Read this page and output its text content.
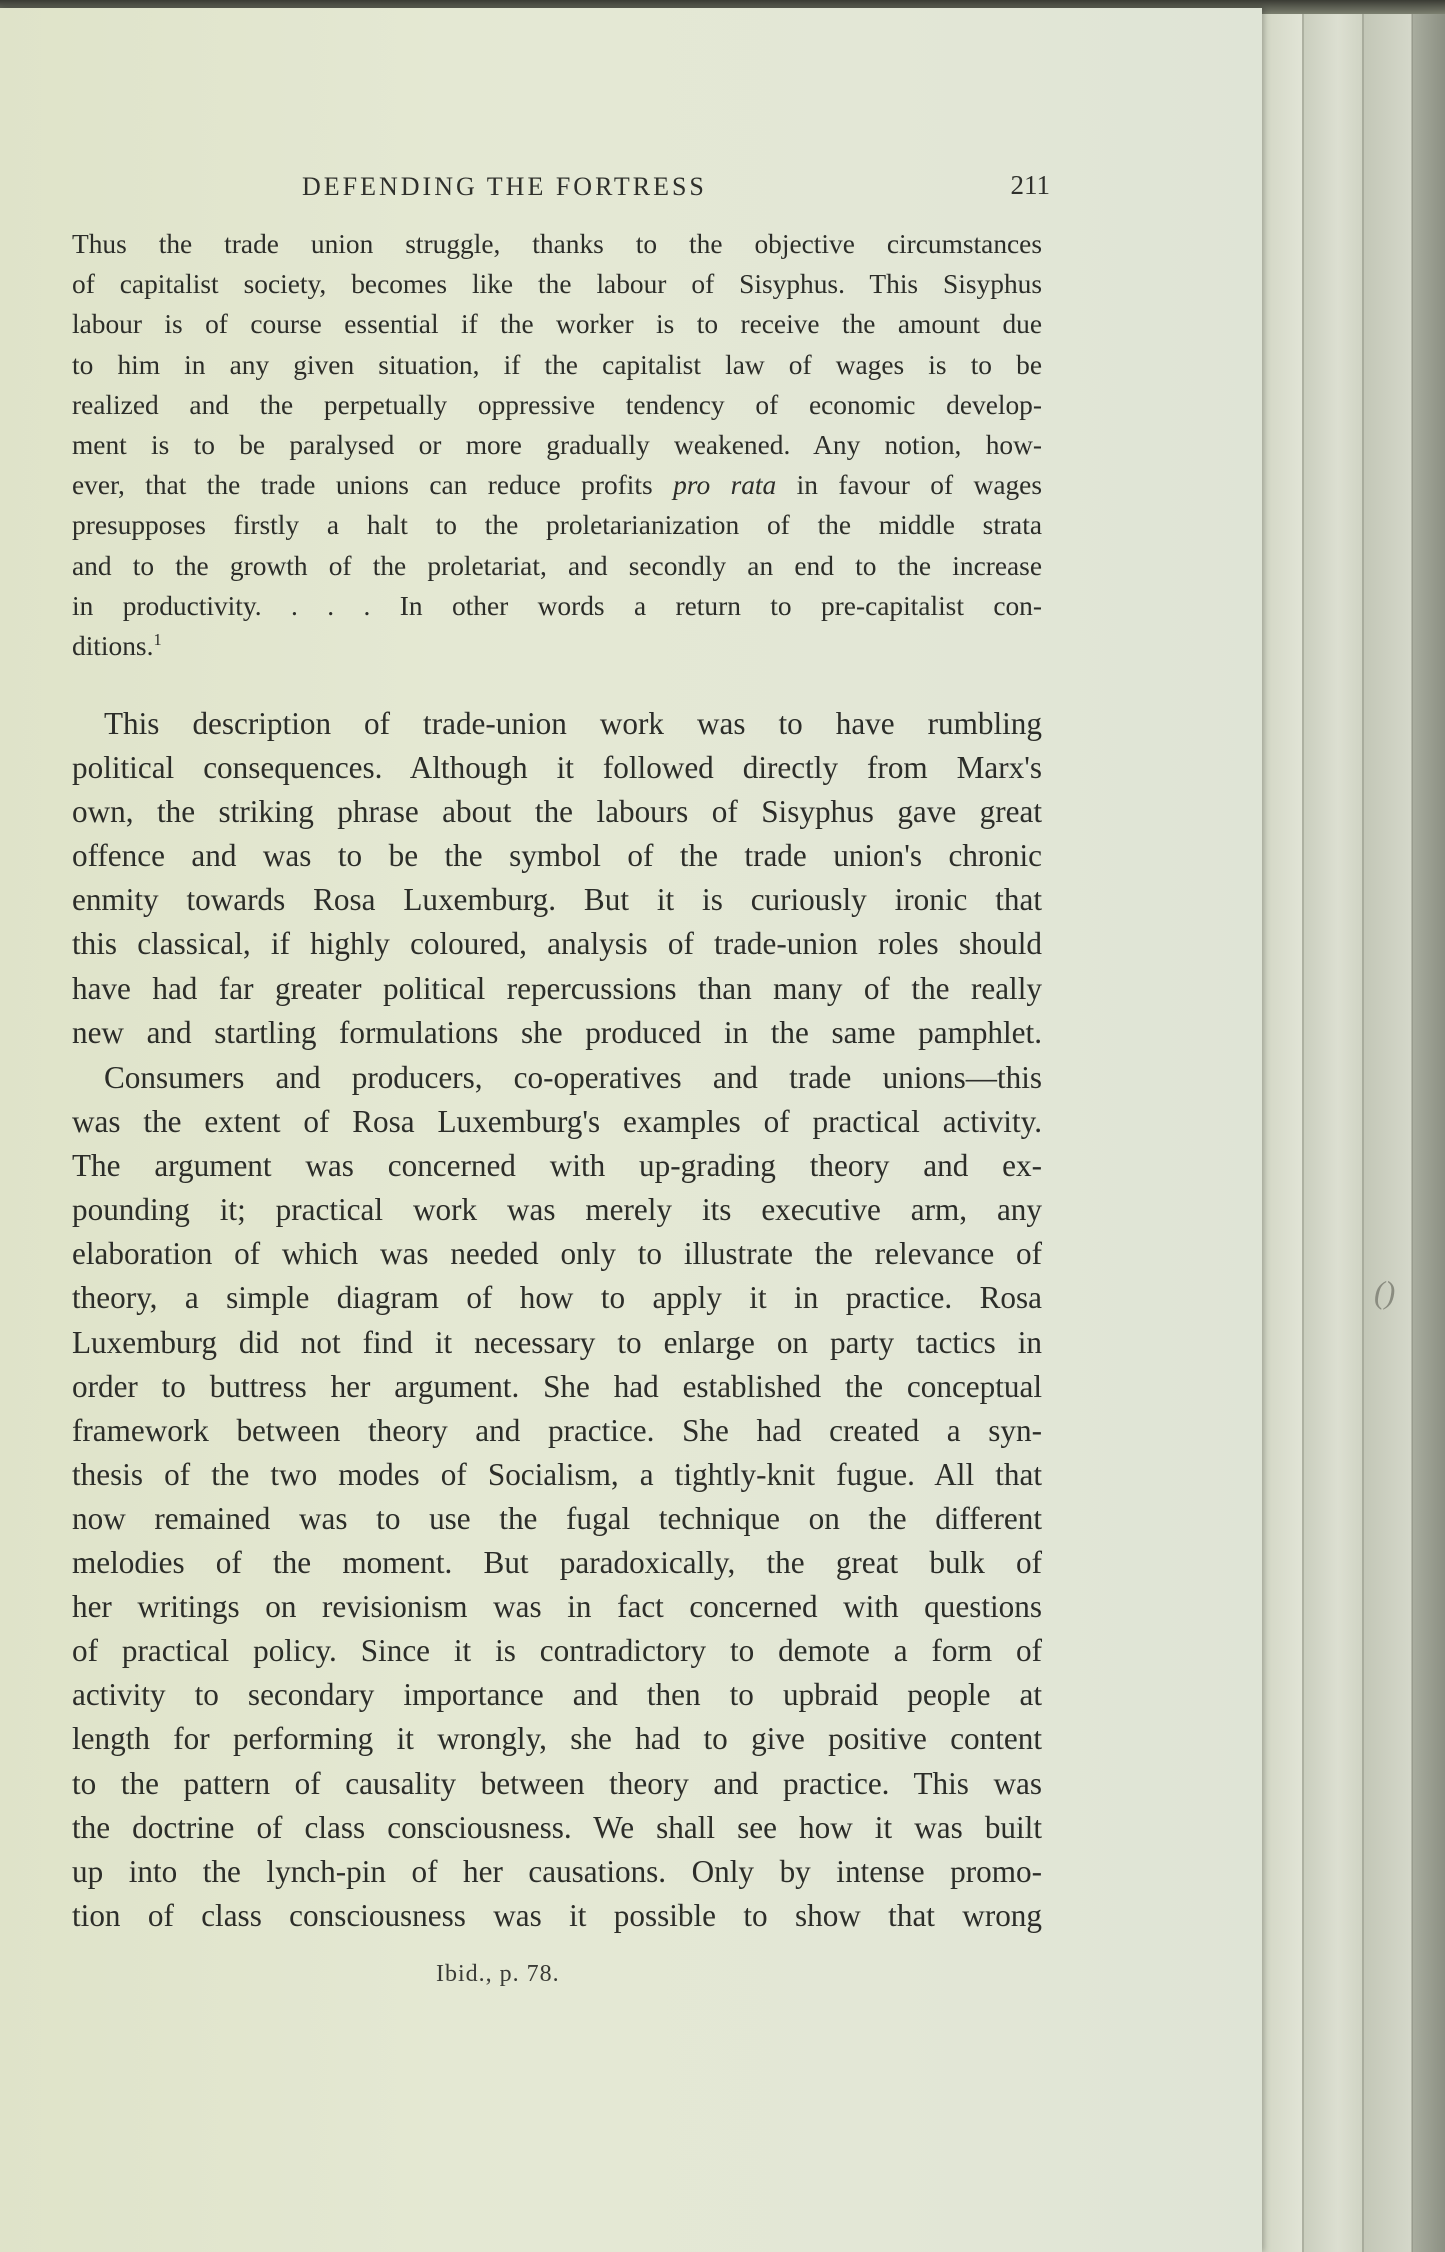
()
DEFENDING THE FORTRESS	211
Thus the trade union struggle, thanks to the objective circumstances
of capitalist society, becomes like the labour of Sisyphus. This Sisyphus
labour is of course essential if the worker is to receive the amount due
to him in any given situation, if the capitalist law of wages is to be
realized and the perpetually oppressive tendency of economic develop-
ment is to be paralysed or more gradually weakened. Any notion, how-
ever, that the trade unions can reduce profits pro rata in favour of wages
presupposes firstly a halt to the proletarianization of the middle strata
and to the growth of the proletariat, and secondly an end to the increase
in productivity. . . . In other words a return to pre-capitalist con-
ditions.$^1$
This description of trade-union work was to have rumbling
political consequences. Although it followed directly from Marx's
own, the striking phrase about the labours of Sisyphus gave great
offence and was to be the symbol of the trade union's chronic
enmity towards Rosa Luxemburg. But it is curiously ironic that
this classical, if highly coloured, analysis of trade-union roles should
have had far greater political repercussions than many of the really
new and startling formulations she produced in the same pamphlet.
Consumers and producers, co-operatives and trade unions—this
was the extent of Rosa Luxemburg's examples of practical activity.
The argument was concerned with up-grading theory and ex-
pounding it; practical work was merely its executive arm, any
elaboration of which was needed only to illustrate the relevance of
theory, a simple diagram of how to apply it in practice. Rosa
Luxemburg did not find it necessary to enlarge on party tactics in
order to buttress her argument. She had established the conceptual
framework between theory and practice. She had created a syn-
thesis of the two modes of Socialism, a tightly-knit fugue. All that
now remained was to use the fugal technique on the different
melodies of the moment. But paradoxically, the great bulk of
her writings on revisionism was in fact concerned with questions
of practical policy. Since it is contradictory to demote a form of
activity to secondary importance and then to upbraid people at
length for performing it wrongly, she had to give positive content
to the pattern of causality between theory and practice. This was
the doctrine of class consciousness. We shall see how it was built
up into the lynch-pin of her causations. Only by intense promo-
tion of class consciousness was it possible to show that wrong
Ibid., p. 78.
